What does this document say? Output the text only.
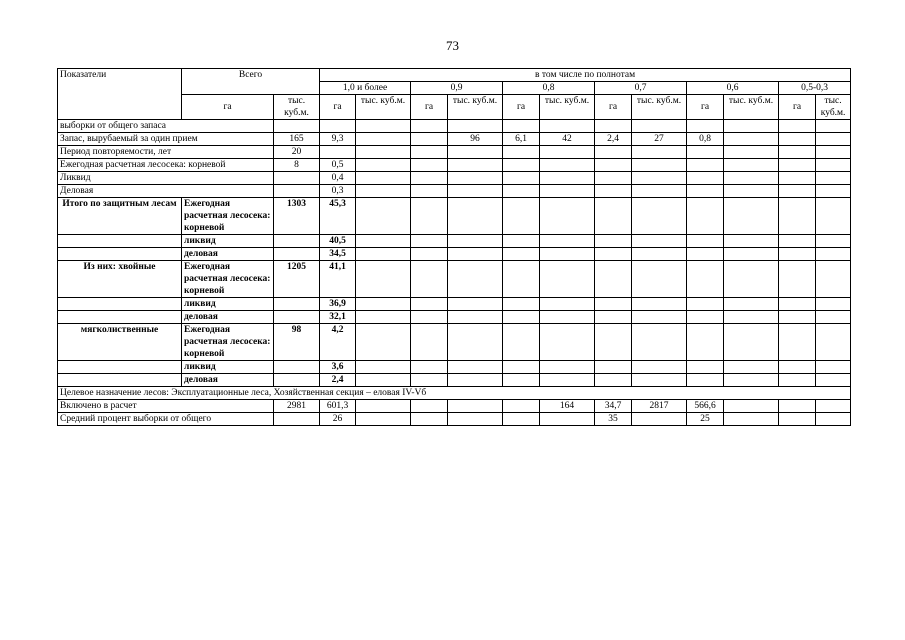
73
Показатели	Всего		в том числе по полнотам												
			1,0 и более		0,9		0,8		0,7		0,6		0,5-0,3		
	га	тыс. куб.м.	га	тыс. куб.м.	га	тыс. куб.м.	га	тыс. куб.м.	га	тыс. куб.м.	га	тыс. куб.м.	га	тыс. куб.м.	
выборки от общего запаса															
Запас, вырубаемый за один прием		165	9,3			96	6,1	42	2,4	27	0,8				
Период повторяемости, лет		20													
Ежегодная расчетная лесосека: корневой		8	0,5												
Ликвид			0,4												
Деловая			0,3												
Итого по защитным лесам	Ежегодная расчетная лесосека: корневой	1303	45,3												
	ликвид		40,5												
	деловая		34,5												
Из них: хвойные	Ежегодная расчетная лесосека: корневой	1205	41,1												
	ликвид		36,9												
	деловая		32,1												
мягколиственные	Ежегодная расчетная лесосека: корневой	98	4,2												
	ликвид		3,6												
	деловая		2,4												
Целевое назначение лесов: Эксплуатационные леса, Хозяйственная секция – еловая IV-Vб															
Включено в расчет		2981	601,3					164	34,7	2817	566,6				
Средний процент выборки от общего			26						35		25				
